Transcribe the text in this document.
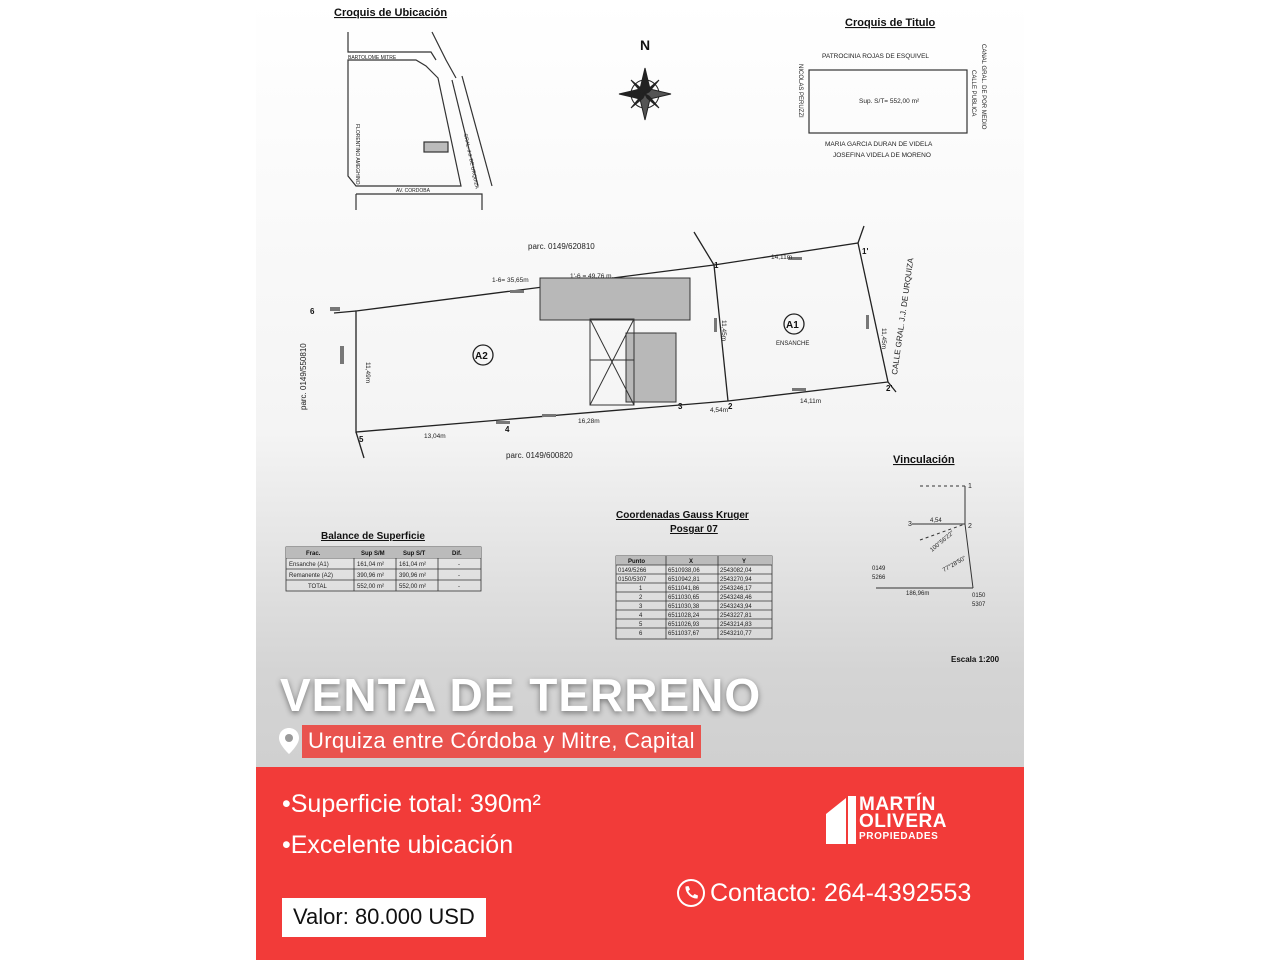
Croquis de Ubicación
BARTOLOME MITRE
FLORENTINO AMEGHINO	GRAL. J.J. DE URQUIZA
AV. CORDOBA
N
Croquis de Titulo
PATROCINIA ROJAS DE ESQUIVEL
Sup. S/T= 552,00 m²
MARIA GARCIA DURAN DE VIDELA
JOSEFINA VIDELA DE MORENO
NICOLAS PERUZZI	CALLE PUBLICA CANAL GRAL. DE POR MEDIO
parc. 0149/620810
parc. 0149/600820
parc. 0149/550810
CALLE GRAL. J.J. DE URQUIZA
A1
ENSANCHE
A2
1-6= 35,65m
1'-6 = 49,76 m.
14,11m
14,11m
11,45m
11,45m
11,49m
13,04m
16,28m
4,54m
1
1'
2
2'
3
4
5
6
Vinculación
1
2
3	4,54
186,96m
100°56'22"
77°28'50"
0149
5266
0150
5307
Balance de Superficie
Frac.	Sup S/M	Sup S/T	Dif.
Ensanche (A1)	161,04 m² 161,04 m²	-
Remanente (A2)	390,96 m² 390,96 m²	-
TOTAL	552,00 m² 552,00 m²	-
Coordenadas Gauss Kruger
Posgar 07
Punto	X	Y
0149/5266	6510938,06	2543082,04
0150/5307	6510942,81	2543270,94
1	6511041,86	2543246,17
2	6511030,65	2543248,46
3	6511030,38	2543243,94
4	6511028,24	2543227,81
5	6511026,93	2543214,83
6	6511037,67	2543210,77
Escala 1:200
VENTA DE TERRENO
Urquiza entre Córdoba y Mitre, Capital
•Superficie total: 390m²
•Excelente ubicación
MARTÍN
OLIVERA
PROPIEDADES
Contacto: 264-4392553
Valor: 80.000 USD
